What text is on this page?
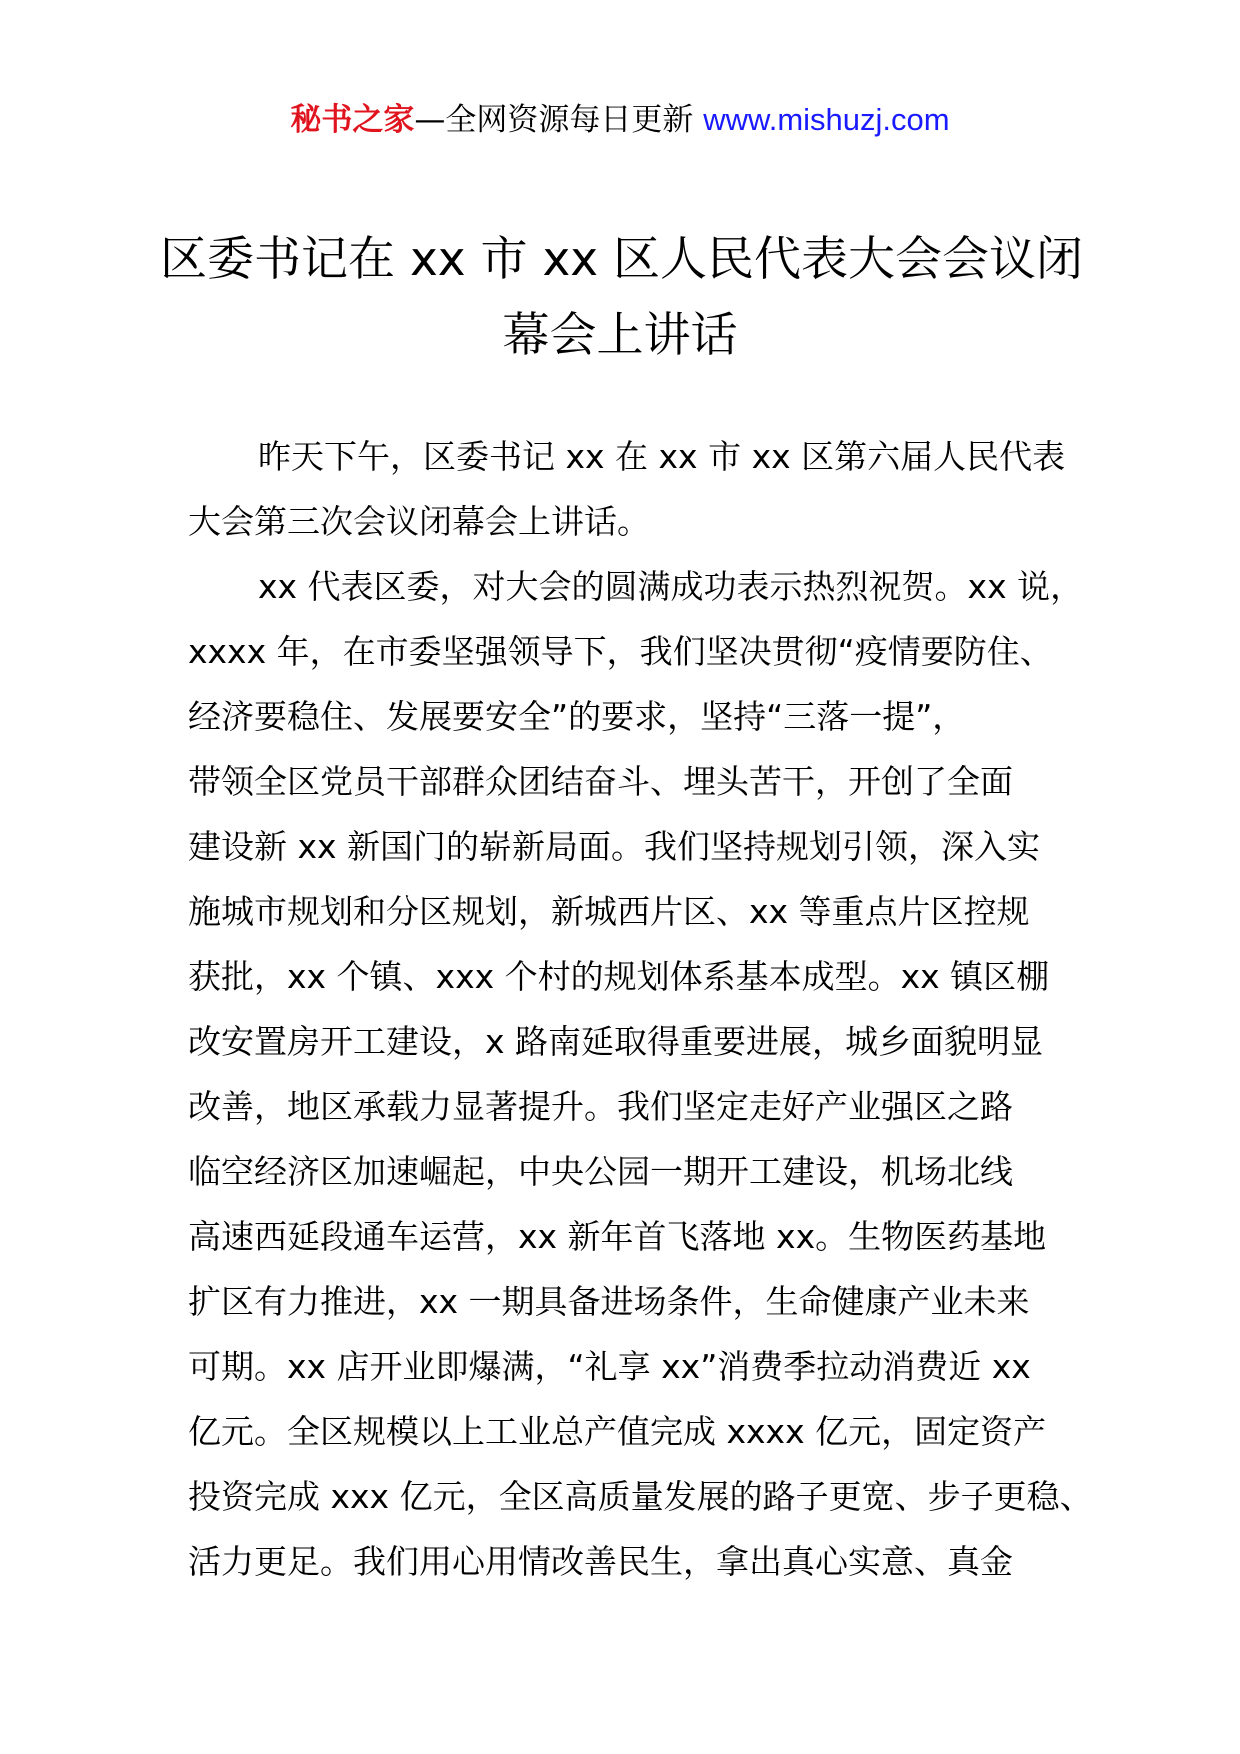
秘书之家—全网资源每日更新 www.mishuzj.com
区委书记在 xx 市 xx 区人民代表大会会议闭
幕会上讲话
昨天下午，区委书记 xx 在 xx 市 xx 区第六届人民代表
大会第三次会议闭幕会上讲话。
xx 代表区委，对大会的圆满成功表示热烈祝贺。xx 说，
xxxx 年，在市委坚强领导下，我们坚决贯彻“疫情要防住、
经济要稳住、发展要安全”的要求，坚持“三落一提”，
带领全区党员干部群众团结奋斗、埋头苦干，开创了全面
建设新 xx 新国门的崭新局面。我们坚持规划引领，深入实
施城市规划和分区规划，新城西片区、xx 等重点片区控规
获批，xx 个镇、xxx 个村的规划体系基本成型。xx 镇区棚
改安置房开工建设，x 路南延取得重要进展，城乡面貌明显
改善，地区承载力显著提升。我们坚定走好产业强区之路
临空经济区加速崛起，中央公园一期开工建设，机场北线
高速西延段通车运营，xx 新年首飞落地 xx。生物医药基地
扩区有力推进，xx 一期具备进场条件，生命健康产业未来
可期。xx 店开业即爆满，“礼享 xx”消费季拉动消费近 xx
亿元。全区规模以上工业总产值完成 xxxx 亿元，固定资产
投资完成 xxx 亿元，全区高质量发展的路子更宽、步子更稳、
活力更足。我们用心用情改善民生，拿出真心实意、真金
